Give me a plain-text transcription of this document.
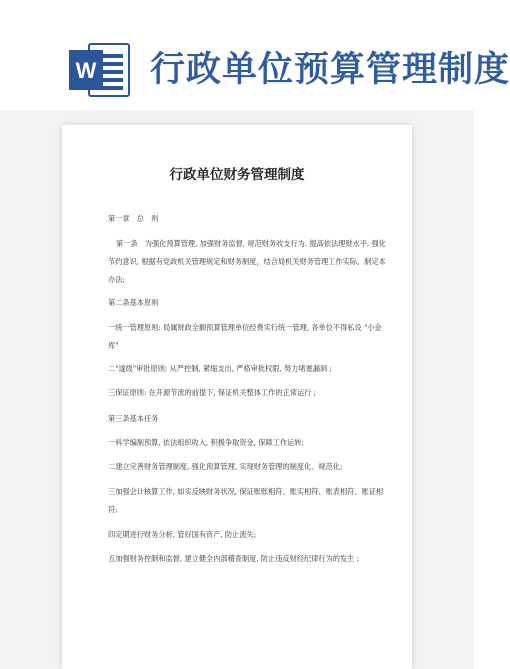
W 行政单位预算管理制度
行政单位财务管理制度
第一章　总　则
第一条　为强化预算管理, 加强财务监督, 规范财务收支行为, 提高依法理财水平, 强化节约意识, 根据有党政机关管理规定和财务制度，结合局机关财务管理工作实际，制定本办法;
第二条基本原则
一统一管理原则: 局属财政全额预算管理单位经费实行统一管理, 各单位不得私设 "小金库"
二"遂级"审批原则: 从严控制, 紧缩支出, 严格审批权限, 努力堵塞漏洞 ;
三保证原则: 在开源节流的前提下, 保证机关整体工作的正常运行 ;
第三条基本任务
一科学编制预算, 依法组织收入, 积极争取资金, 保障工作运转;
二建立完善财务管理制度, 强化预算管理, 实现财务管理的制度化、规范化;
三加强会计核算工作, 如实反映财务状况, 保证账账相符、账实相符、账表相符、账证相符;
四定期进行财务分析, 管好国有资产, 防止流失;
五加强财务控制和监督, 建立健全内部稽查制度, 防止违反财经纪律行为的发生 ;
